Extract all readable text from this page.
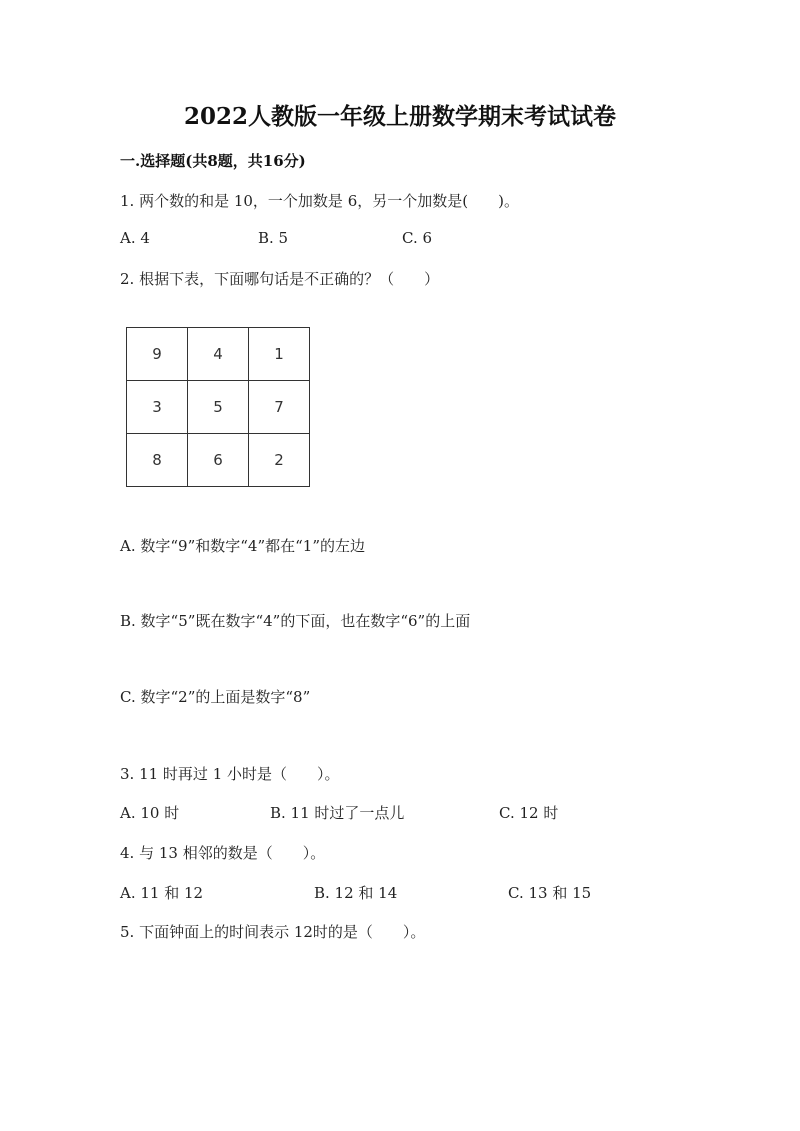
2022人教版一年级上册数学期末考试试卷
一.选择题(共8题，共16分)
1. 两个数的和是 10，一个加数是 6，另一个加数是(　　)。
A. 4	B. 5	C. 6
2. 根据下表，下面哪句话是不正确的？（　　）
9	4	1
3	5	7
8	6	2
A. 数字“9”和数字“4”都在“1”的左边
B. 数字“5”既在数字“4”的下面，也在数字“6”的上面
C. 数字“2”的上面是数字“8”
3. 11 时再过 1 小时是（　　）。
A. 10 时	B. 11 时过了一点儿	C. 12 时
4. 与 13 相邻的数是（　　）。
A. 11 和 12	B. 12 和 14	C. 13 和 15
5. 下面钟面上的时间表示 12时的是（　　）。
